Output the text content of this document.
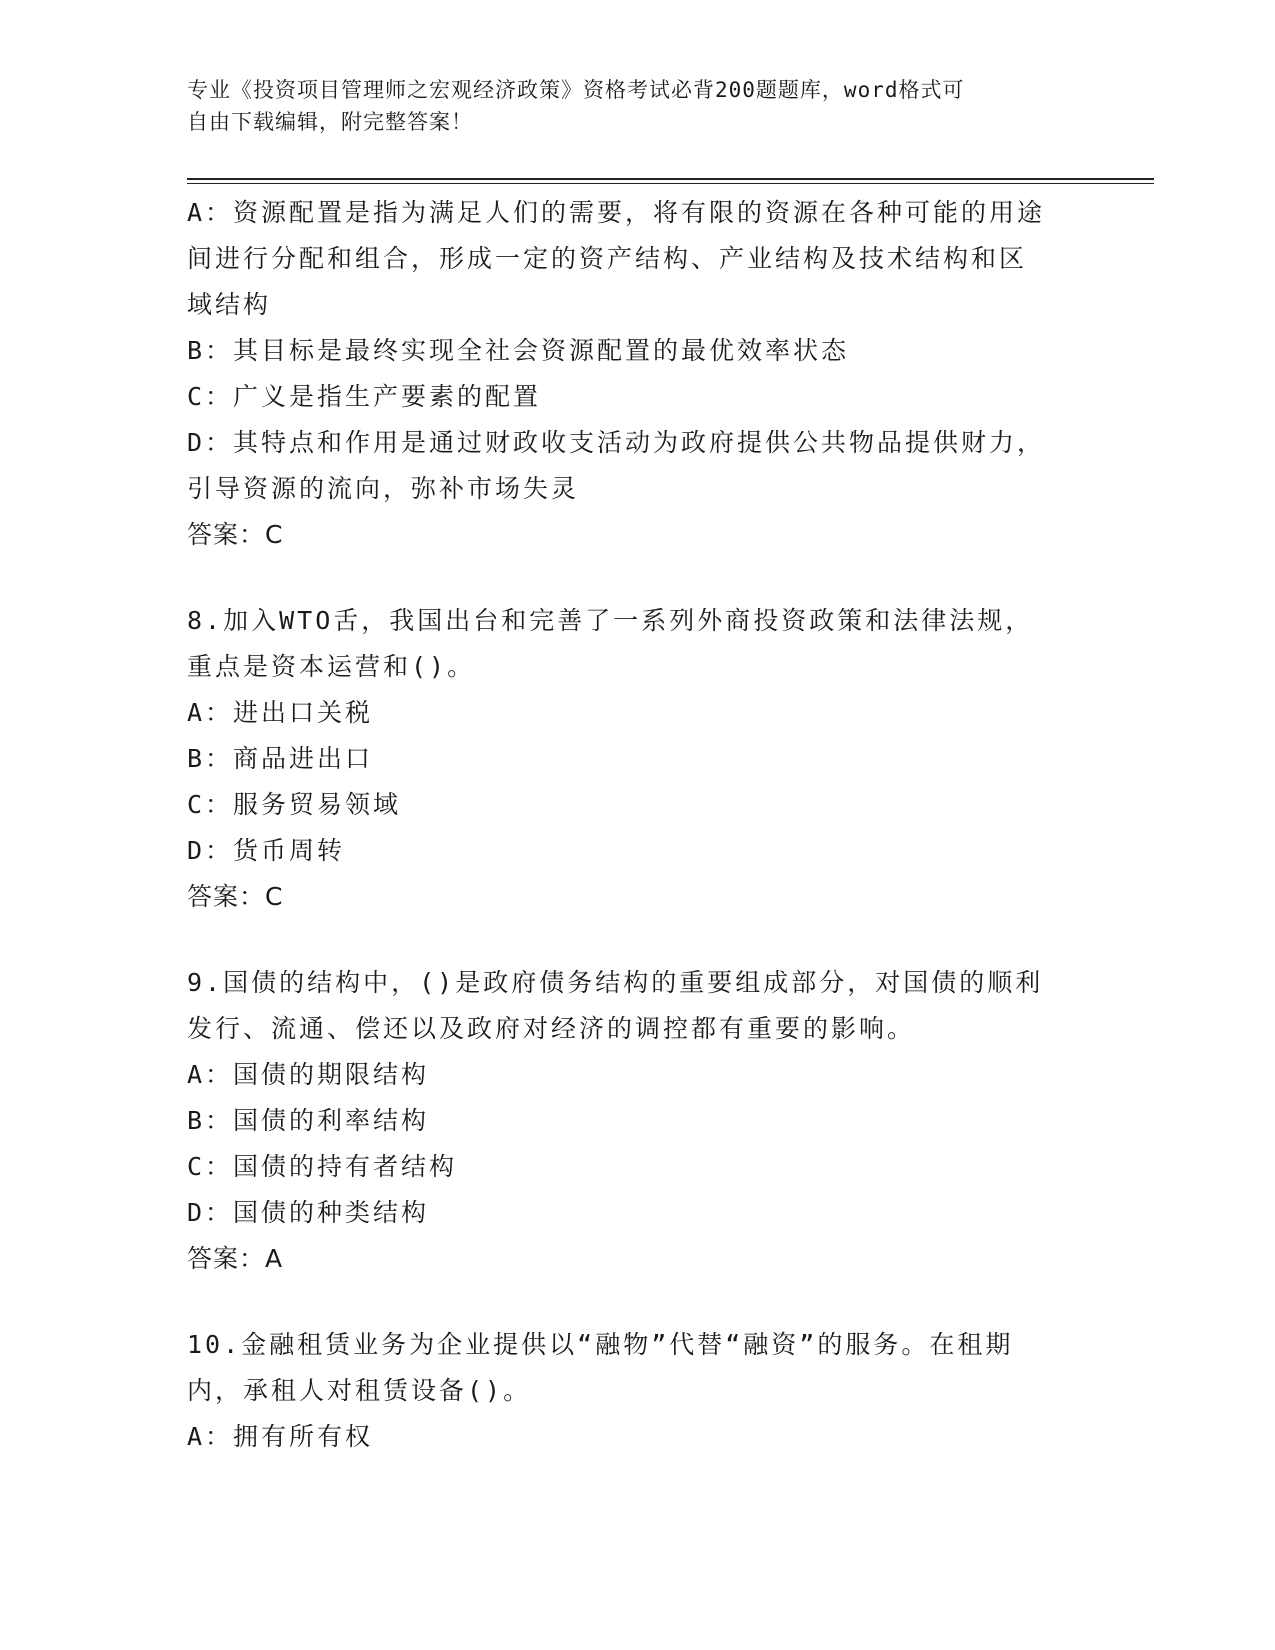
专业《投资项目管理师之宏观经济政策》资格考试必背200题题库，word格式可
自由下载编辑，附完整答案！
A：资源配置是指为满足人们的需要，将有限的资源在各种可能的用途
间进行分配和组合，形成一定的资产结构、产业结构及技术结构和区
域结构
B：其目标是最终实现全社会资源配置的最优效率状态
C：广义是指生产要素的配置
D：其特点和作用是通过财政收支活动为政府提供公共物品提供财力，
引导资源的流向，弥补市场失灵
答案：C
8.加入WTO舌，我国出台和完善了一系列外商投资政策和法律法规，
重点是资本运营和()。
A：进出口关税
B：商品进出口
C：服务贸易领域
D：货币周转
答案：C
9.国债的结构中，()是政府债务结构的重要组成部分，对国债的顺利
发行、流通、偿还以及政府对经济的调控都有重要的影响。
A：国债的期限结构
B：国债的利率结构
C：国债的持有者结构
D：国债的种类结构
答案：A
10.金融租赁业务为企业提供以“融物”代替“融资”的服务。在租期
内，承租人对租赁设备()。
A：拥有所有权
